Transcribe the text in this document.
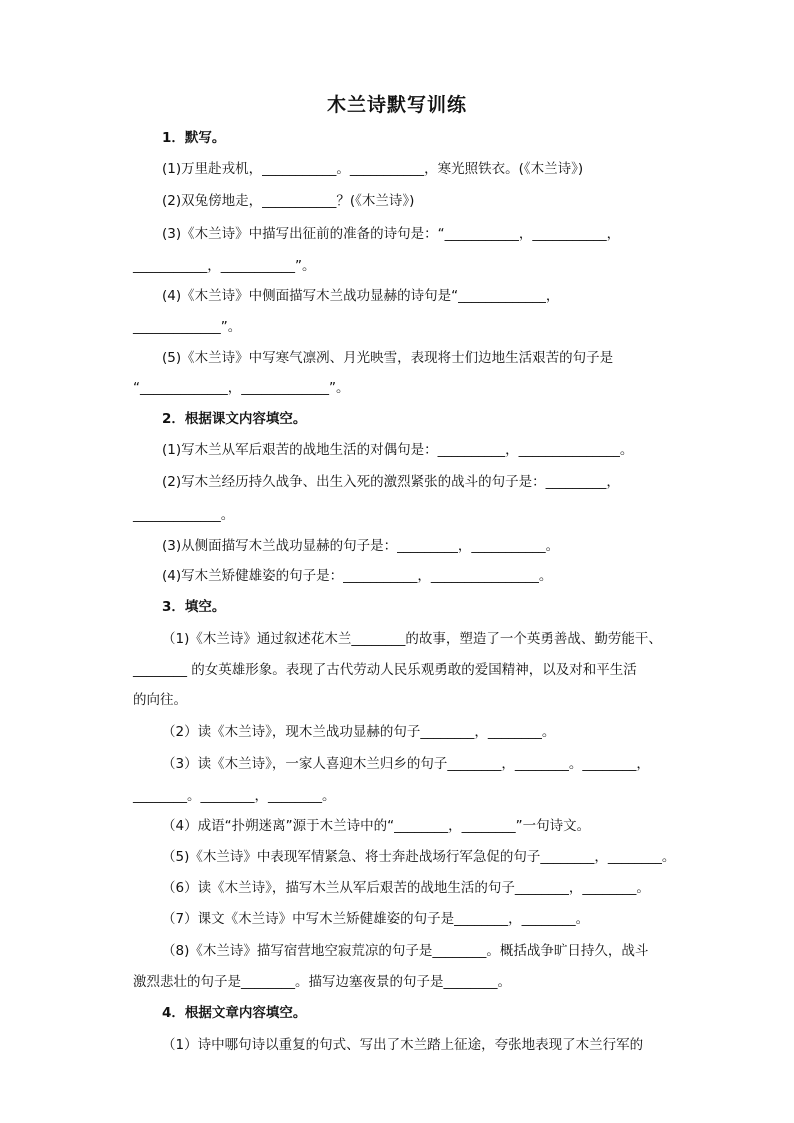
木兰诗默写训练
1．默写。
(1)万里赴戎机，___________。___________，寒光照铁衣。(《木兰诗》)
(2)双兔傍地走，___________？(《木兰诗》)
(3)《木兰诗》中描写出征前的准备的诗句是：“___________，___________，
___________，___________”。
(4)《木兰诗》中侧面描写木兰战功显赫的诗句是“_____________，
_____________”。
(5)《木兰诗》中写寒气凛冽、月光映雪，表现将士们边地生活艰苦的句子是
“_____________，_____________”。
2．根据课文内容填空。
(1)写木兰从军后艰苦的战地生活的对偶句是：__________，_______________。
(2)写木兰经历持久战争、出生入死的激烈紧张的战斗的句子是：_________，
_____________。
(3)从侧面描写木兰战功显赫的句子是：_________，___________。
(4)写木兰矫健雄姿的句子是：___________，________________。
3．填空。
（1)《木兰诗》通过叙述花木兰________的故事，塑造了一个英勇善战、勤劳能干、
________ 的女英雄形象。表现了古代劳动人民乐观勇敢的爱国精神，以及对和平生活
的向往。
（2）读《木兰诗》，现木兰战功显赫的句子________，________。
（3）读《木兰诗》，一家人喜迎木兰归乡的句子________，________。________，
________。________，________。
（4）成语“扑朔迷离”源于木兰诗中的“________，________”一句诗文。
（5)《木兰诗》中表现军情紧急、将士奔赴战场行军急促的句子________，________。
（6）读《木兰诗》，描写木兰从军后艰苦的战地生活的句子________，________。
（7）课文《木兰诗》中写木兰矫健雄姿的句子是________，________。
（8)《木兰诗》描写宿营地空寂荒凉的句子是________。概括战争旷日持久，战斗
激烈悲壮的句子是________。描写边塞夜景的句子是________。
4．根据文章内容填空。
（1）诗中哪句诗以重复的句式、写出了木兰踏上征途，夸张地表现了木兰行军的
